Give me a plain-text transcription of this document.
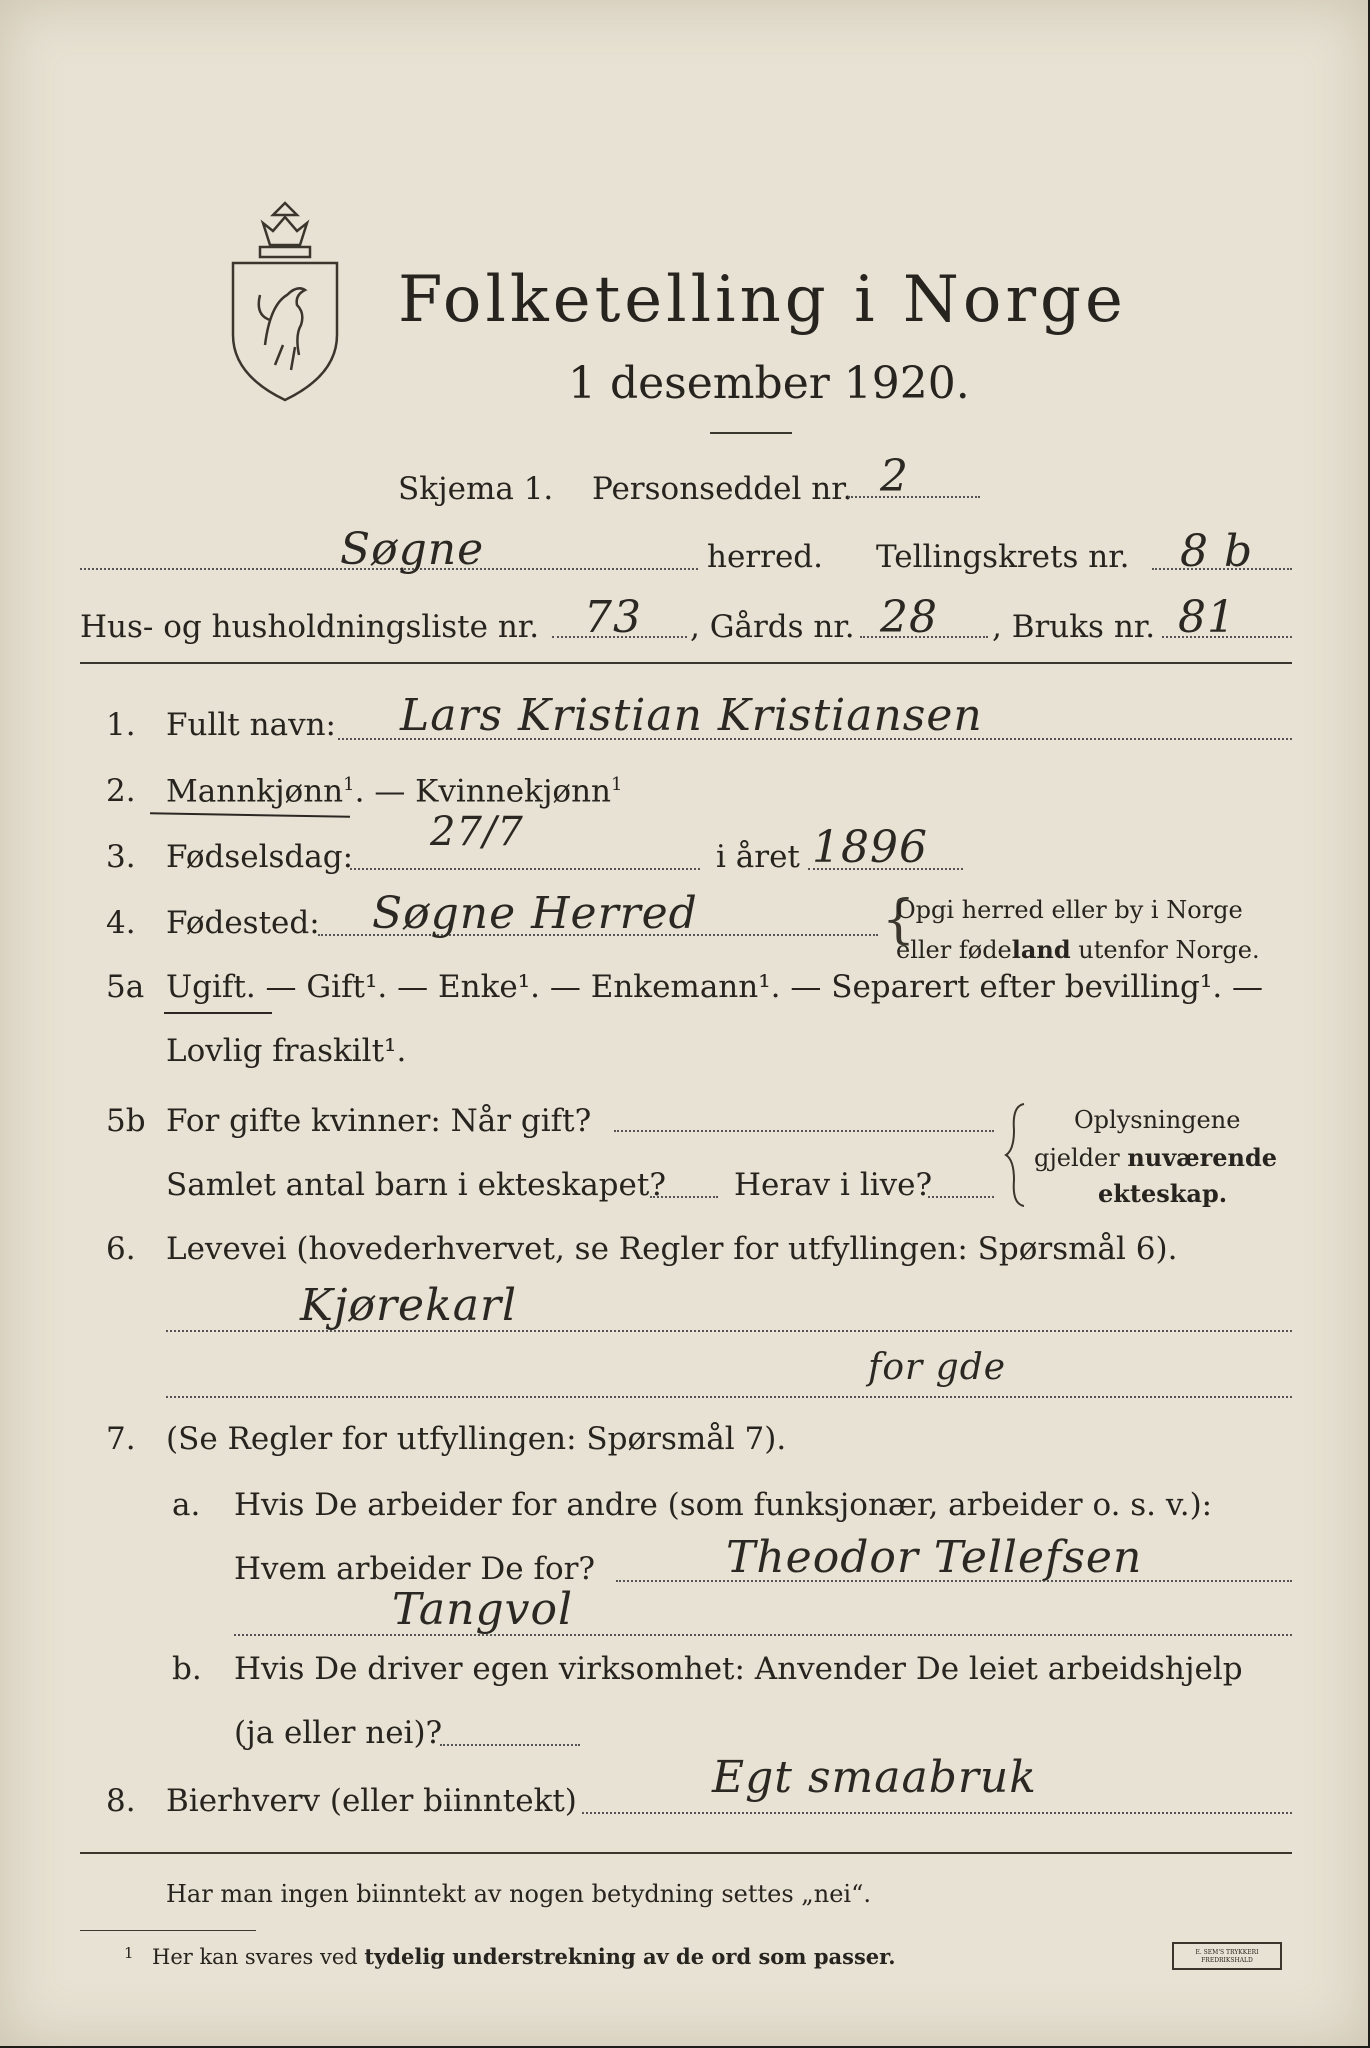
Folketelling i Norge
1 desember 1920.
Skjema 1. Personseddel nr. 2
Søgne	herred. Tellingskrets nr. 8 b
Hus- og husholdningsliste nr. 73 , Gårds nr. 28 , Bruks nr. 81
1. Fullt navn: Lars Kristian Kristiansen
2. Mannkjønn$^1$. — Kvinnekjønn$^1$
3. Fødselsdag:
27/7
i året 1896
4. Fødested: Søgne Herred	{
Opgi herred eller by i Norge
eller fødeland utenfor Norge.
5a Ugift. — Gift¹. — Enke¹. — Enkemann¹. — Separert efter bevilling¹. —
Lovlig fraskilt¹.
5b For gifte kvinner: Når gift?
Samlet antal barn i ekteskapet? Herav i live?
Oplysningene
gjelder nuværende
ekteskap.
6. Levevei (hovederhvervet, se Regler for utfyllingen: Spørsmål 6).
Kjørekarl
for gde
7. (Se Regler for utfyllingen: Spørsmål 7).
a. Hvis De arbeider for andre (som funksjonær, arbeider o. s. v.):
Hvem arbeider De for?	Theodor Tellefsen
Tangvol
b. Hvis De driver egen virksomhet: Anvender De leiet arbeidshjelp
(ja eller nei)?
8. Bierhverv (eller biinntekt)	Egt smaabruk
Har man ingen biinntekt av nogen betydning settes „nei“.
1 Her kan svares ved tydelig understrekning av de ord som passer.	E. SEM'S TRYKKERI FREDRIKSHALD
